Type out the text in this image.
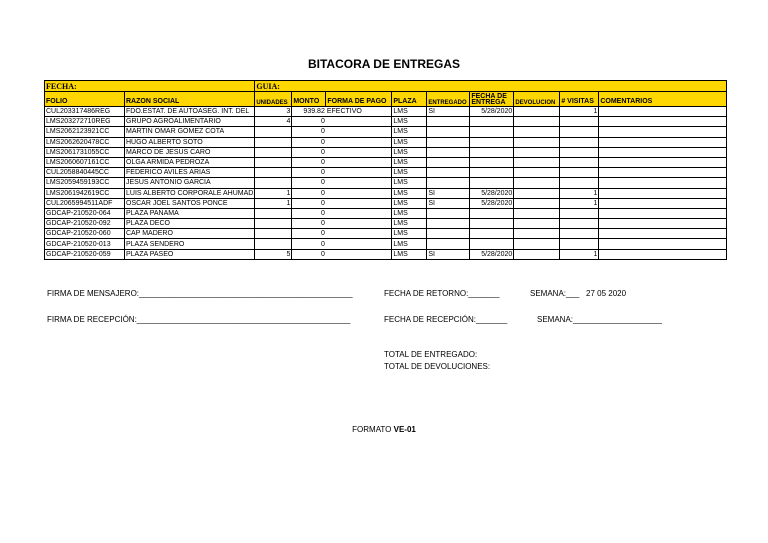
BITACORA DE ENTREGAS
FECHA:		GUIA:								
FOLIO	RAZON SOCIAL	UNIDADES	MONTO	FORMA DE PAGO	PLAZA	ENTREGADO	FECHA DE ENTREGA	DEVOLUCION	# VISITAS	COMENTARIOS
CUL203317486REG	FDO.ESTAT. DE AUTOASEG. INT. DEL	3	939.82	EFECTIVO	LMS	SI	5/28/2020		1	
LMS203272710REG	GRUPO AGROALIMENTARIO	4	0		LMS					
LMS2062123921CC	MARTIN OMAR GOMEZ COTA		0		LMS					
LMS2062620478CC	HUGO ALBERTO SOTO		0		LMS					
LMS2061731055CC	MARCO DE JESUS CARO		0		LMS					
LMS2060607161CC	OLGA ARMIDA PEDROZA		0		LMS					
CUL2058840445CC	FEDERICO AVILES ARIAS		0		LMS					
LMS2059459193CC	JESUS ANTONIO GARCIA		0		LMS					
LMS2061942619CC	LUIS ALBERTO CORPORALE AHUMAD	1	0		LMS	SI	5/28/2020		1	
CUL2065994511ADF	OSCAR JOEL SANTOS PONCE	1	0		LMS	SI	5/28/2020		1	
GDCAP-210520-064	PLAZA PANAMA		0		LMS					
GDCAP-210520-092	PLAZA DECO		0		LMS					
GDCAP-210520-060	CAP MADERO		0		LMS					
GDCAP-210520-013	PLAZA SENDERO		0		LMS					
GDCAP-210520-059	PLAZA PASEO	5	0		LMS	SI	5/28/2020		1	
FIRMA DE MENSAJERO:________________________________________________	FECHA DE RETORNO:_______	SEMANA:___ 27 05 2020
FIRMA DE RECEPCIÓN:________________________________________________	FECHA DE RECEPCIÓN:_______	SEMANA:____________________
TOTAL DE ENTREGADO:
TOTAL DE DEVOLUCIONES:
FORMATO VE-01
